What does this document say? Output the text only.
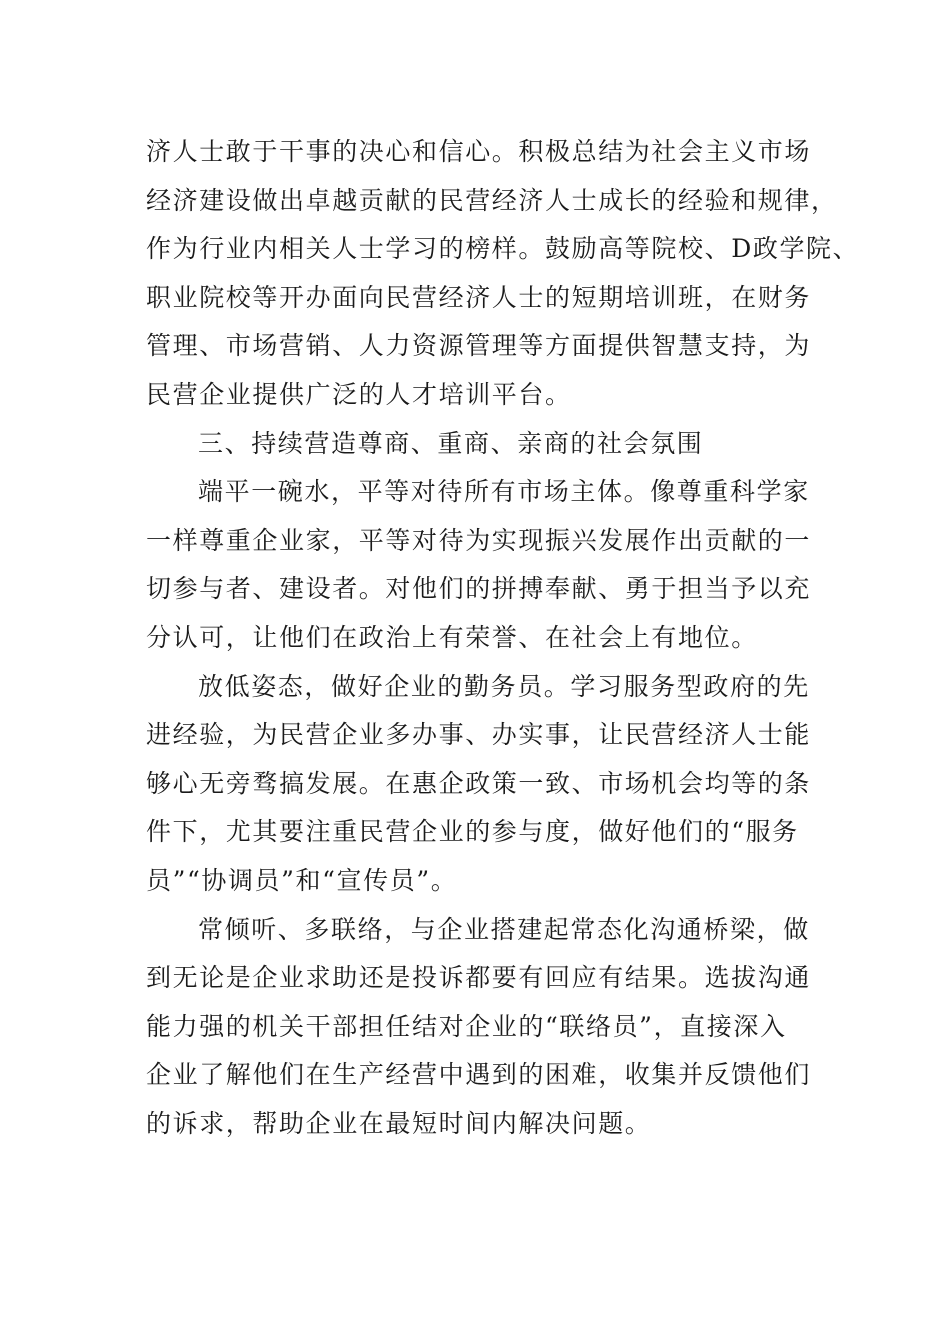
济人士敢于干事的决心和信心。积极总结为社会主义市场
经济建设做出卓越贡献的民营经济人士成长的经验和规律，
作为行业内相关人士学习的榜样。鼓励高等院校、D政学院、
职业院校等开办面向民营经济人士的短期培训班，在财务
管理、市场营销、人力资源管理等方面提供智慧支持，为
民营企业提供广泛的人才培训平台。
三、持续营造尊商、重商、亲商的社会氛围
端平一碗水，平等对待所有市场主体。像尊重科学家
一样尊重企业家，平等对待为实现振兴发展作出贡献的一
切参与者、建设者。对他们的拼搏奉献、勇于担当予以充
分认可，让他们在政治上有荣誉、在社会上有地位。
放低姿态，做好企业的勤务员。学习服务型政府的先
进经验，为民营企业多办事、办实事，让民营经济人士能
够心无旁骛搞发展。在惠企政策一致、市场机会均等的条
件下，尤其要注重民营企业的参与度，做好他们的“服务
员”“协调员”和“宣传员”。
常倾听、多联络，与企业搭建起常态化沟通桥梁，做
到无论是企业求助还是投诉都要有回应有结果。选拔沟通
能力强的机关干部担任结对企业的“联络员”，直接深入
企业了解他们在生产经营中遇到的困难，收集并反馈他们
的诉求，帮助企业在最短时间内解决问题。
